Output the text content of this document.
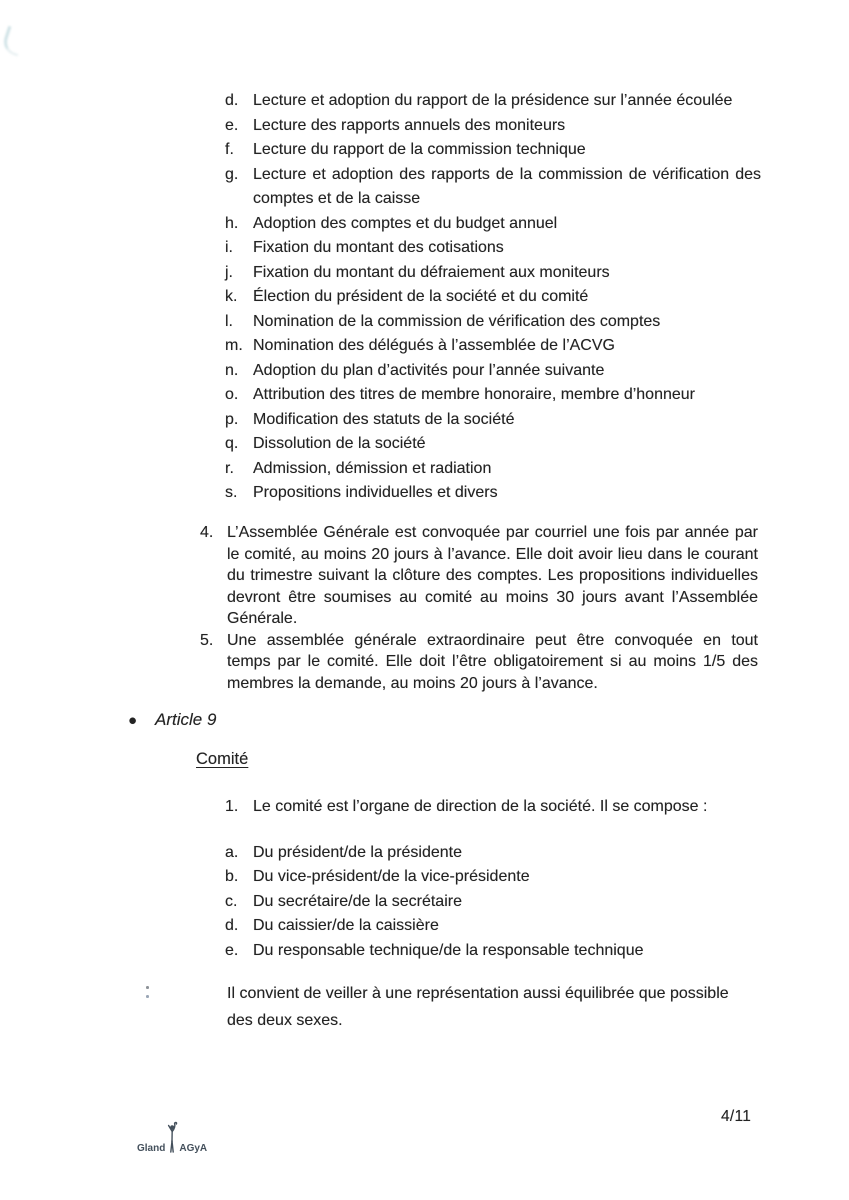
d. Lecture et adoption du rapport de la présidence sur l’année écoulée
e. Lecture des rapports annuels des moniteurs
f.	Lecture du rapport de la commission technique
g. Lecture et adoption des rapports de la commission de vérification des comptes et de la caisse
h. Adoption des comptes et du budget annuel
i.	Fixation du montant des cotisations
j.	Fixation du montant du défraiement aux moniteurs
k. Élection du président de la société et du comité
l.	Nomination de la commission de vérification des comptes
m. Nomination des délégués à l’assemblée de l’ACVG
n. Adoption du plan d’activités pour l’année suivante
o. Attribution des titres de membre honoraire, membre d’honneur
p. Modification des statuts de la société
q. Dissolution de la société
r.	Admission, démission et radiation
s. Propositions individuelles et divers
4. L’Assemblée Générale est convoquée par courriel une fois par année par le comité, au moins 20 jours à l’avance. Elle doit avoir lieu dans le courant du trimestre suivant la clôture des comptes. Les propositions individuelles devront être soumises au comité au moins 30 jours avant l’Assemblée Générale.
5. Une assemblée générale extraordinaire peut être convoquée en tout temps par le comité. Elle doit l’être obligatoirement si au moins 1/5 des membres la demande, au moins 20 jours à l’avance.
●	Article 9
Comité
1. Le comité est l’organe de direction de la société. Il se compose :
a. Du président/de la présidente
b. Du vice-président/de la vice-présidente
c. Du secrétaire/de la secrétaire
d. Du caissier/de la caissière
e. Du responsable technique/de la responsable technique

Il convient de veiller à une représentation aussi équilibrée que possible des deux sexes.

4/11
Gland AGyA
